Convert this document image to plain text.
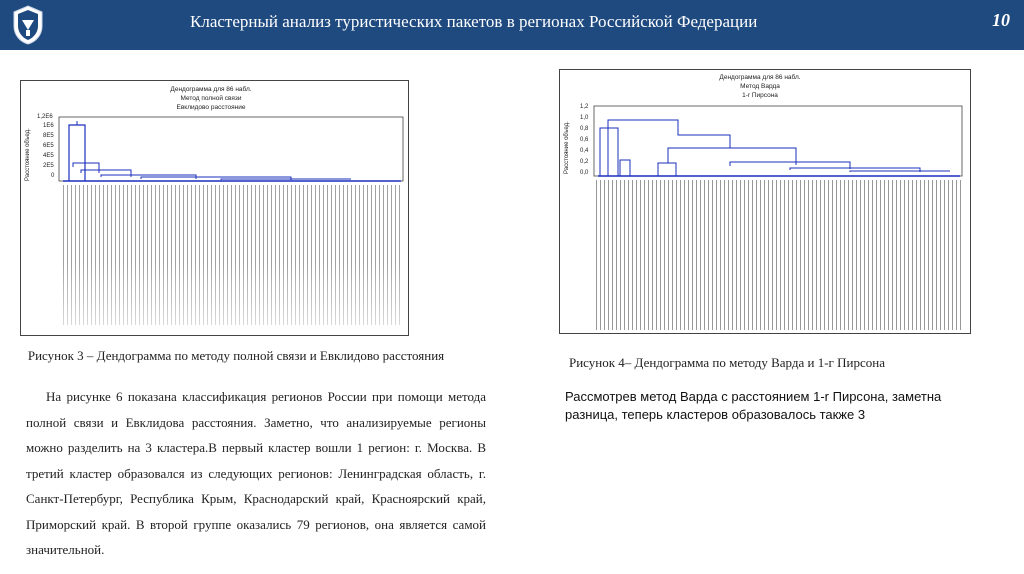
Кластерный анализ туристических пакетов в регионах Российской Федерации	10
Дендограмма для 86 набл.
Метод полной связи
Евклидово расстояние
Расстояние объед.
1,2Е6
1Е6
8Е5
6Е5
4Е5
2Е5
0
Дендограмма для 86 набл.
Метод Варда
1-r Пирсона
Расстояние объед.
1,2
1,0
0,8
0,6
0,4
0,2
0,0
Рисунок 3 – Дендограмма по методу полной связи и Евклидово расстояния	Рисунок 4– Дендограмма по методу Варда и 1-г Пирсона
На рисунке 6 показана классификация регионов России при помощи метода полной связи и Евклидова расстояния. Заметно, что анализируемые регионы можно разделить на 3 кластера.В первый кластер вошли 1 регион: г. Москва. В третий кластер образовался из следующих регионов: Ленинградская область, г. Санкт-Петербург, Республика Крым, Краснодарский край, Красноярский край, Приморский край. В второй группе оказались 79 регионов, она является самой значительной.
Рассмотрев метод Варда с расстоянием 1-r Пирсона, заметна разница, теперь кластеров образовалось также 3
